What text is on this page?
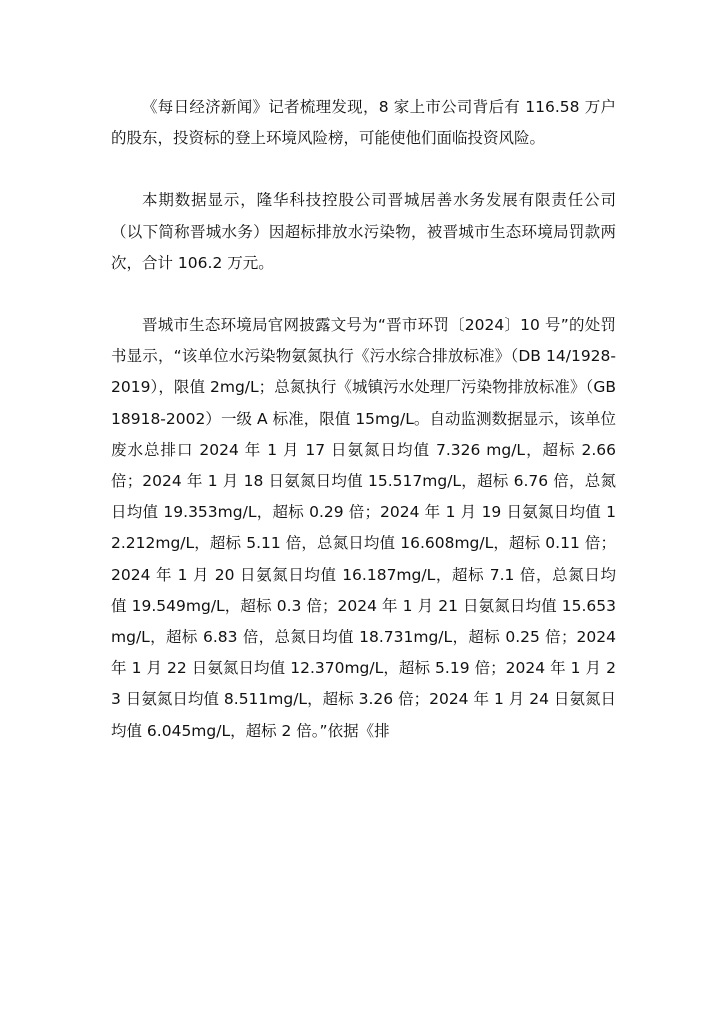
《每日经济新闻》记者梳理发现，8 家上市公司背后有 116.58 万户的股东，投资标的登上环境风险榜，可能使他们面临投资风险。

本期数据显示，隆华科技控股公司晋城居善水务发展有限责任公司（以下简称晋城水务）因超标排放水污染物，被晋城市生态环境局罚款两次，合计 106.2 万元。

晋城市生态环境局官网披露文号为“晋市环罚〔2024〕10 号”的处罚书显示，“该单位水污染物氨氮执行《污水综合排放标准》（DB 14/1928-2019），限值 2mg/L；总氮执行《城镇污水处理厂污染物排放标准》（GB18918-2002）一级 A 标准，限值 15mg/L。自动监测数据显示，该单位废水总排口 2024 年 1 月 17 日氨氮日均值 7.326 mg/L，超标 2.66 倍；2024 年 1 月 18 日氨氮日均值 15.517mg/L，超标 6.76 倍，总氮日均值 19.353mg/L，超标 0.29 倍；2024 年 1 月 19 日氨氮日均值 12.212mg/L，超标 5.11 倍，总氮日均值 16.608mg/L，超标 0.11 倍；2024 年 1 月 20 日氨氮日均值 16.187mg/L，超标 7.1 倍，总氮日均值 19.549mg/L，超标 0.3 倍；2024 年 1 月 21 日氨氮日均值 15.653mg/L，超标 6.83 倍，总氮日均值 18.731mg/L，超标 0.25 倍；2024 年 1 月 22 日氨氮日均值 12.370mg/L，超标 5.19 倍；2024 年 1 月 23 日氨氮日均值 8.511mg/L，超标 3.26 倍；2024 年 1 月 24 日氨氮日均值 6.045mg/L，超标 2 倍。”依据《排
